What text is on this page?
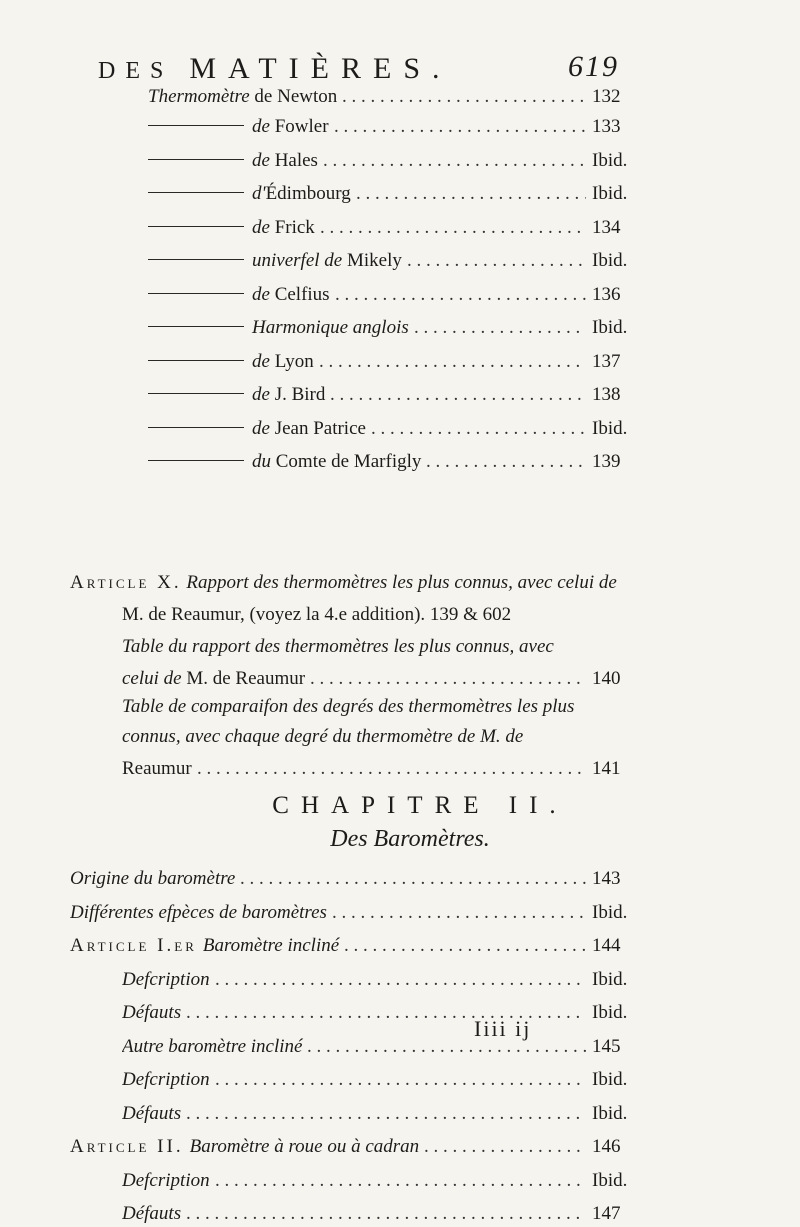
DES MATIÈRES.	619
Thermomètre de Newton . . .	132
de Fowler . . .	133
de Hales . . .	Ibid.
d'Édimbourg . . .	Ibid.
de Frick . . .	134
univerfel de Mikely . . .	Ibid.
de Celfius . . .	136
Harmonique anglois . . .	Ibid.
de Lyon . . .	137
de J. Bird . . .	138
de Jean Patrice . . .	Ibid.
du Comte de Marfigly . . .	139
Article X. Rapport des thermomètres les plus connus, avec celui de
M. de Reaumur, (voyez la 4.e addition). 139 & 602
Table du rapport des thermomètres les plus connus, avec
celui de M. de Reaumur . . .	140
Table de comparaifon des degrés des thermomètres les plus
connus, avec chaque degré du thermomètre de M. de
Reaumur . . .	141
CHAPITRE II.
Des Baromètres.
Origine du baromètre . . .	143
Différentes efpèces de baromètres . . .	Ibid.
Article I.er Baromètre incliné . . .	144
Defcription . . .	Ibid.
Défauts . . .	Ibid.
Autre baromètre incliné . . .	145
Defcription . . .	Ibid.
Défauts . . .	Ibid.
Article II. Baromètre à roue ou à cadran . . .	146
Defcription . . .	Ibid.
Défauts . . .	147
Iiii ij
